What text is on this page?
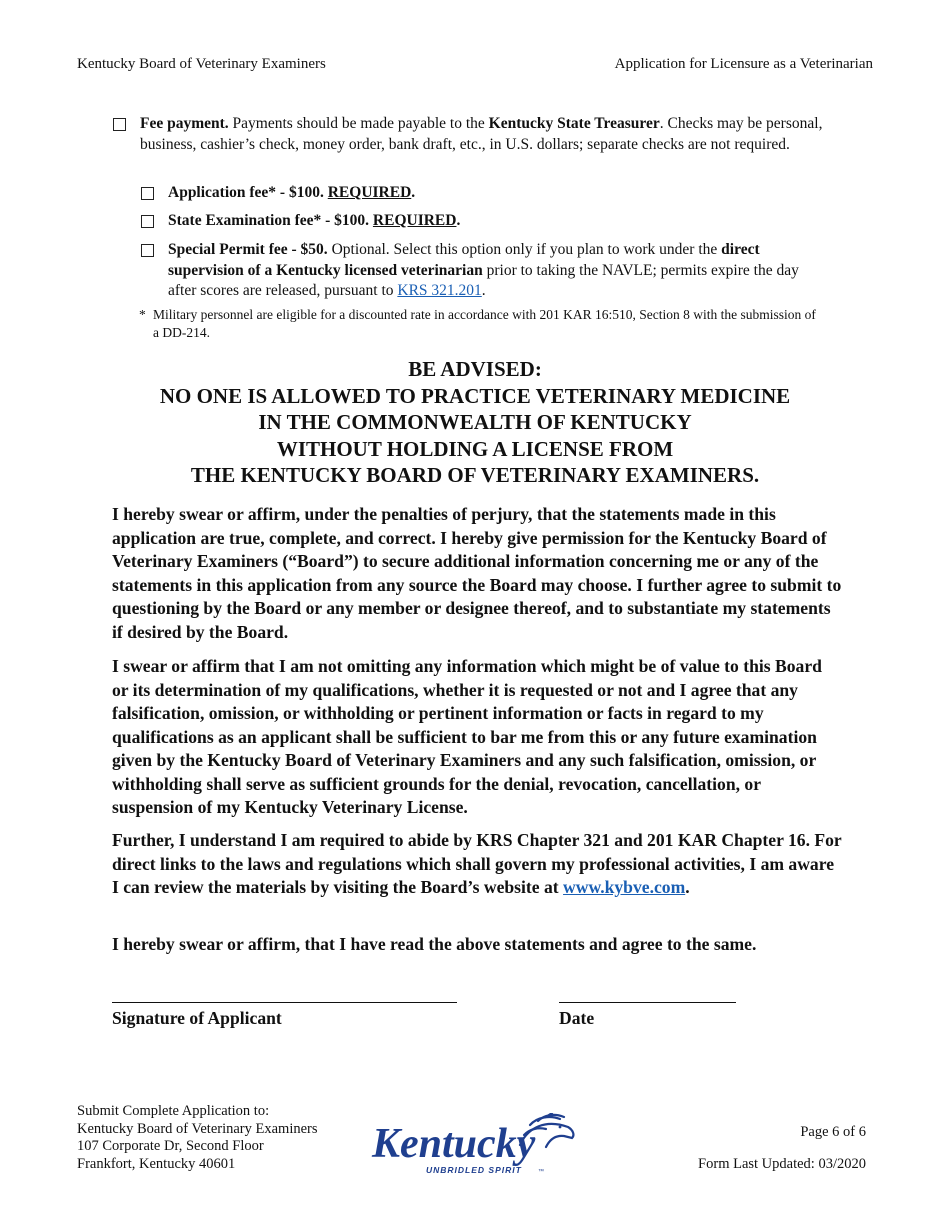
Kentucky Board of Veterinary Examiners	Application for Licensure as a Veterinarian
Fee payment. Payments should be made payable to the Kentucky State Treasurer. Checks may be personal, business, cashier’s check, money order, bank draft, etc., in U.S. dollars; separate checks are not required.
Application fee* - $100. REQUIRED.
State Examination fee* - $100. REQUIRED.
Special Permit fee - $50. Optional. Select this option only if you plan to work under the direct supervision of a Kentucky licensed veterinarian prior to taking the NAVLE; permits expire the day after scores are released, pursuant to KRS 321.201.
* Military personnel are eligible for a discounted rate in accordance with 201 KAR 16:510, Section 8 with the submission of a DD-214.
BE ADVISED:
NO ONE IS ALLOWED TO PRACTICE VETERINARY MEDICINE
IN THE COMMONWEALTH OF KENTUCKY
WITHOUT HOLDING A LICENSE FROM
THE KENTUCKY BOARD OF VETERINARY EXAMINERS.

I hereby swear or affirm, under the penalties of perjury, that the statements made in this application are true, complete, and correct. I hereby give permission for the Kentucky Board of Veterinary Examiners (“Board”) to secure additional information concerning me or any of the statements in this application from any source the Board may choose. I further agree to submit to questioning by the Board or any member or designee thereof, and to substantiate my statements if desired by the Board.

I swear or affirm that I am not omitting any information which might be of value to this Board or its determination of my qualifications, whether it is requested or not and I agree that any falsification, omission, or withholding or pertinent information or facts in regard to my qualifications as an applicant shall be sufficient to bar me from this or any future examination given by the Kentucky Board of Veterinary Examiners and any such falsification, omission, or withholding shall serve as sufficient grounds for the denial, revocation, cancellation, or suspension of my Kentucky Veterinary License.

Further, I understand I am required to abide by KRS Chapter 321 and 201 KAR Chapter 16. For direct links to the laws and regulations which shall govern my professional activities, I am aware I can review the materials by visiting the Board’s website at www.kybve.com.

I hereby swear or affirm, that I have read the above statements and agree to the same.

Signature of Applicant	Date
Submit Complete Application to:
Kentucky Board of Veterinary Examiners
107 Corporate Dr, Second Floor
Frankfort, Kentucky 40601	Kentucky
UNBRIDLED SPIRIT	™
Page 6 of 6
Form Last Updated: 03/2020
